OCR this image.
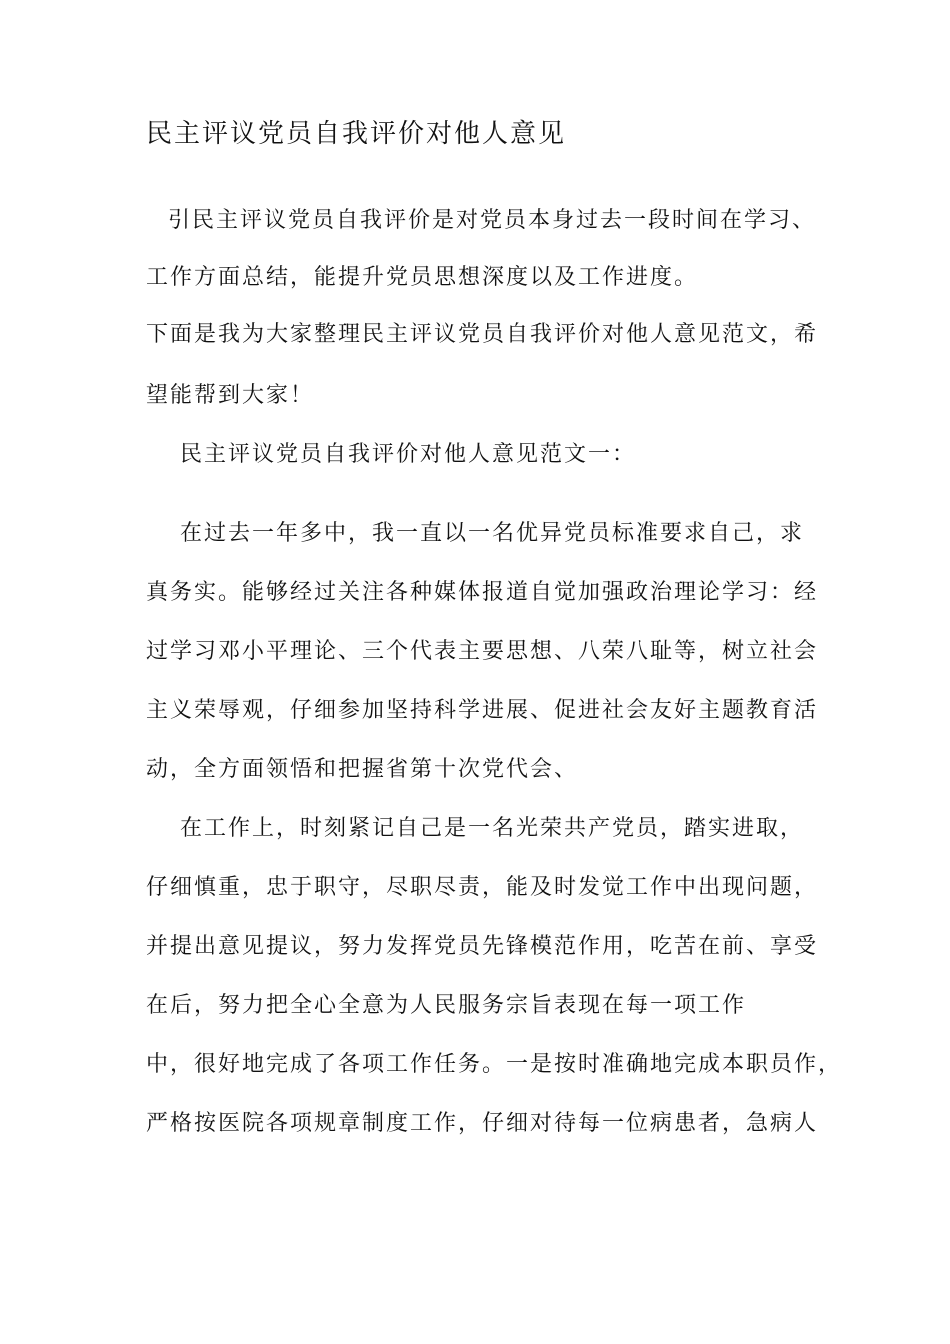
民主评议党员自我评价对他人意见
引民主评议党员自我评价是对党员本身过去一段时间在学习、
工作方面总结，能提升党员思想深度以及工作进度。
下面是我为大家整理民主评议党员自我评价对他人意见范文，希
望能帮到大家！
民主评议党员自我评价对他人意见范文一：
在过去一年多中，我一直以一名优异党员标准要求自己，求
真务实。能够经过关注各种媒体报道自觉加强政治理论学习：经
过学习邓小平理论、三个代表主要思想、八荣八耻等，树立社会
主义荣辱观，仔细参加坚持科学进展、促进社会友好主题教育活
动，全方面领悟和把握省第十次党代会、
在工作上，时刻紧记自己是一名光荣共产党员，踏实进取，
仔细慎重，忠于职守，尽职尽责，能及时发觉工作中出现问题，
并提出意见提议，努力发挥党员先锋模范作用，吃苦在前、享受
在后，努力把全心全意为人民服务宗旨表现在每一项工作
中，很好地完成了各项工作任务。一是按时准确地完成本职员作，
严格按医院各项规章制度工作，仔细对待每一位病患者，急病人
